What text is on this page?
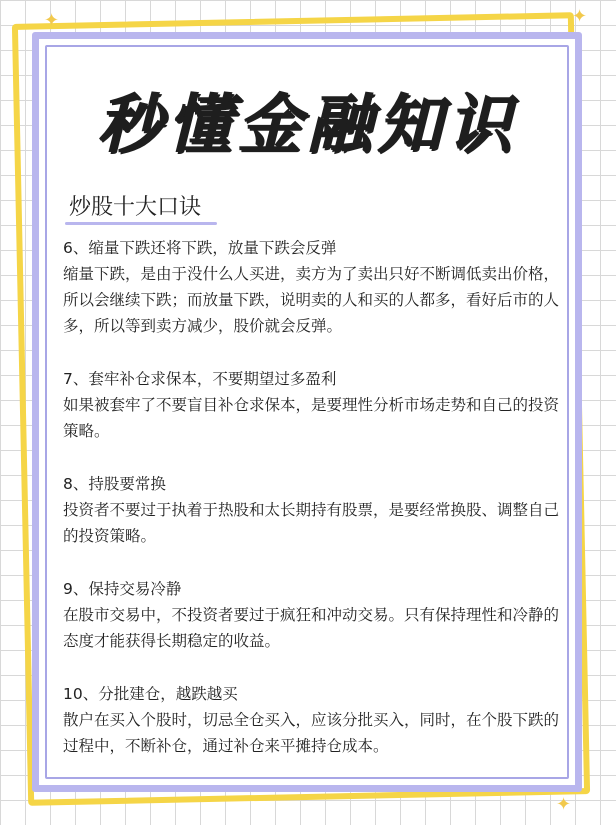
✦	✦
✦
秒懂金融知识
炒股十大口诀
6、缩量下跌还将下跌，放量下跌会反弹

缩量下跌，是由于没什么人买进，卖方为了卖出只好不断调低卖出价格，所以会继续下跌；而放量下跌，说明卖的人和买的人都多，看好后市的人多，所以等到卖方减少，股价就会反弹。

7、套牢补仓求保本，不要期望过多盈利

如果被套牢了不要盲目补仓求保本，是要理性分析市场走势和自己的投资策略。

8、持股要常换

投资者不要过于执着于热股和太长期持有股票，是要经常换股、调整自己的投资策略。

9、保持交易冷静

在股市交易中，不投资者要过于疯狂和冲动交易。只有保持理性和冷静的态度才能获得长期稳定的收益。

10、分批建仓，越跌越买

散户在买入个股时，切忌全仓买入，应该分批买入，同时，在个股下跌的过程中，不断补仓，通过补仓来平摊持仓成本。
